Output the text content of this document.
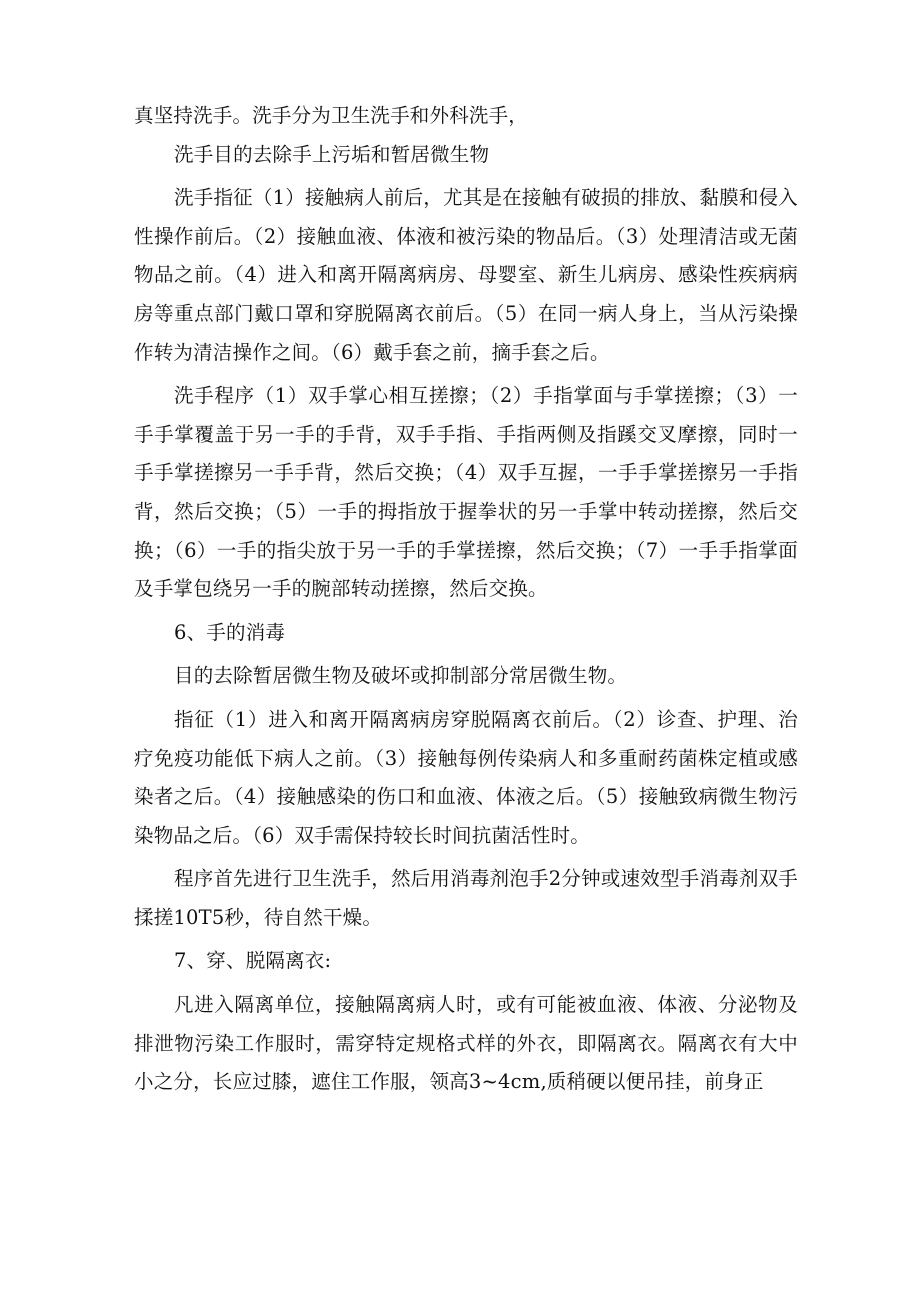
真坚持洗手。洗手分为卫生洗手和外科洗手，

洗手目的去除手上污垢和暂居微生物

洗手指征（1）接触病人前后，尤其是在接触有破损的排放、黏膜和侵入性操作前后。（2）接触血液、体液和被污染的物品后。（3）处理清洁或无菌物品之前。（4）进入和离开隔离病房、母婴室、新生儿病房、感染性疾病病房等重点部门戴口罩和穿脱隔离衣前后。（5）在同一病人身上，当从污染操作转为清洁操作之间。（6）戴手套之前，摘手套之后。

洗手程序（1）双手掌心相互搓擦；（2）手指掌面与手掌搓擦；（3）一手手掌覆盖于另一手的手背，双手手指、手指两侧及指蹊交叉摩擦，同时一手手掌搓擦另一手手背，然后交换；（4）双手互握，一手手掌搓擦另一手指背，然后交换；（5）一手的拇指放于握拳状的另一手掌中转动搓擦，然后交换；（6）一手的指尖放于另一手的手掌搓擦，然后交换；（7）一手手指掌面及手掌包绕另一手的腕部转动搓擦，然后交换。

6、手的消毒

目的去除暂居微生物及破坏或抑制部分常居微生物。

指征（1）进入和离开隔离病房穿脱隔离衣前后。（2）诊查、护理、治疗免疫功能低下病人之前。（3）接触每例传染病人和多重耐药菌株定植或感染者之后。（4）接触感染的伤口和血液、体液之后。（5）接触致病微生物污染物品之后。（6）双手需保持较长时间抗菌活性时。

程序首先进行卫生洗手，然后用消毒剂泡手2分钟或速效型手消毒剂双手揉搓10T5秒，待自然干燥。

7、穿、脱隔离衣:

凡进入隔离单位，接触隔离病人时，或有可能被血液、体液、分泌物及排泄物污染工作服时，需穿特定规格式样的外衣，即隔离衣。隔离衣有大中小之分，长应过膝，遮住工作服，领高3~4cm,质稍硬以便吊挂，前身正
